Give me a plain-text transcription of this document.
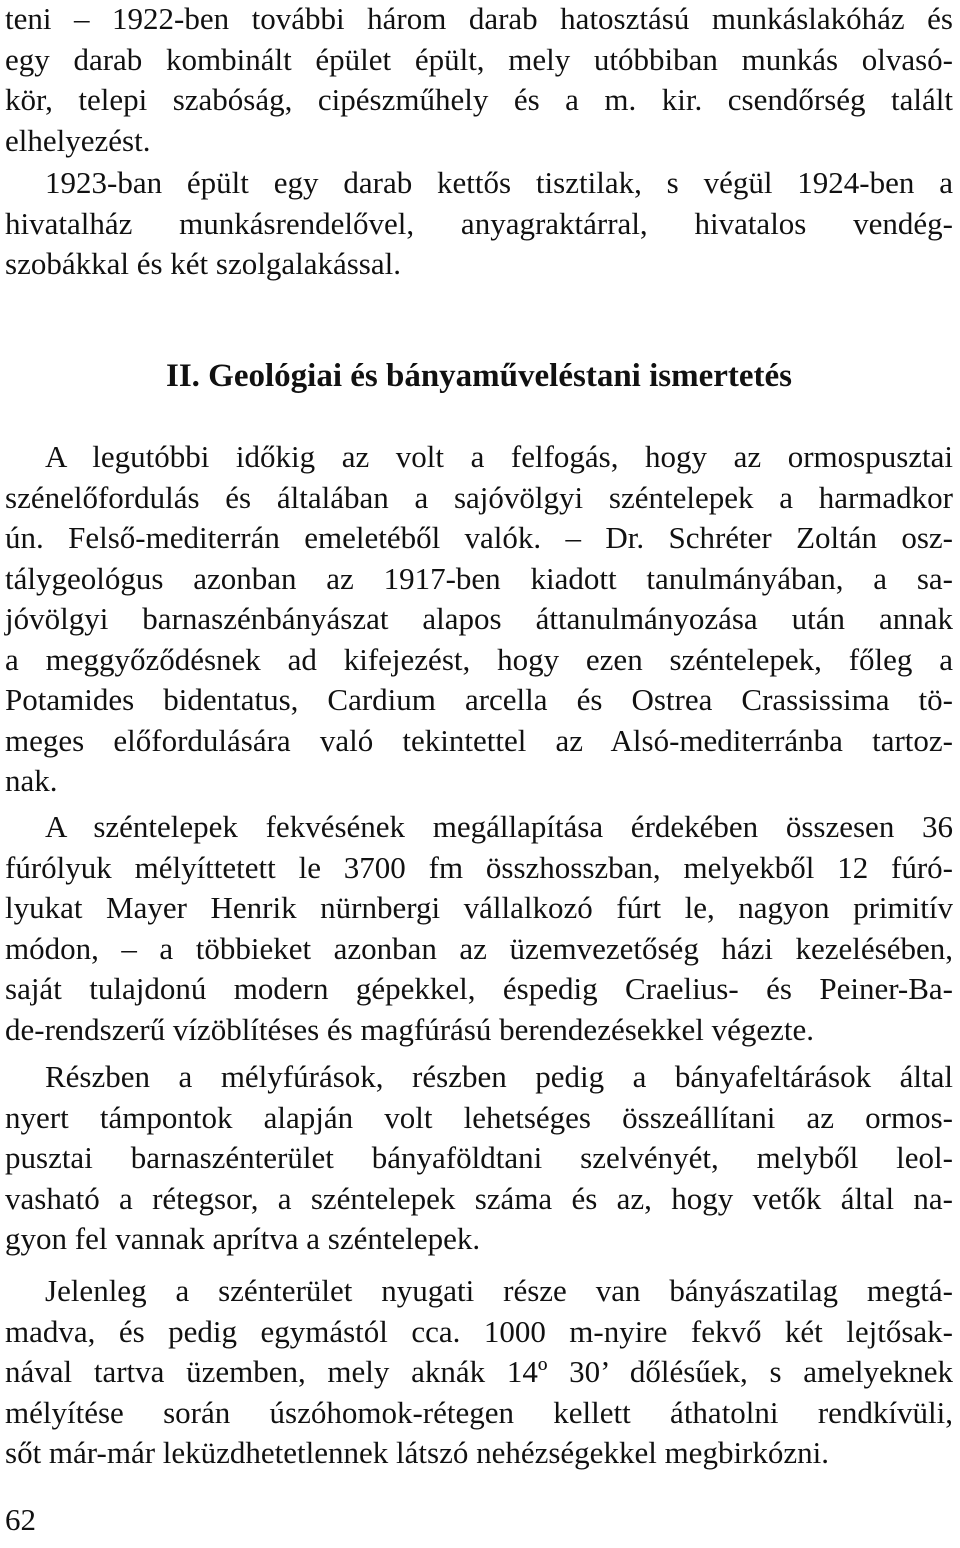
teni – 1922-ben további három darab hatosztású munkáslakóház és
egy darab kombinált épület épült, mely utóbbiban munkás olvasó-
kör, telepi szabóság, cipészműhely és a m. kir. csendőrség talált
elhelyezést.
1923-ban épült egy darab kettős tisztilak, s végül 1924-ben a
hivatalház munkásrendelővel, anyagraktárral, hivatalos vendég-
szobákkal és két szolgalakással.
II. Geológiai és bányaműveléstani ismertetés
A legutóbbi időkig az volt a felfogás, hogy az ormospusztai
szénelőfordulás és általában a sajóvölgyi széntelepek a harmadkor
ún. Felső-mediterrán emeletéből valók. – Dr. Schréter Zoltán osz-
tálygeológus azonban az 1917-ben kiadott tanulmányában, a sa-
jóvölgyi barnaszénbányászat alapos áttanulmányozása után annak
a meggyőződésnek ad kifejezést, hogy ezen széntelepek, főleg a
Potamides bidentatus, Cardium arcella és Ostrea Crassissima tö-
meges előfordulására való tekintettel az Alsó-mediterránba tartoz-
nak.
A széntelepek fekvésének megállapítása érdekében összesen 36
fúrólyuk mélyíttetett le 3700 fm összhosszban, melyekből 12 fúró-
lyukat Mayer Henrik nürnbergi vállalkozó fúrt le, nagyon primitív
módon, – a többieket azonban az üzemvezetőség házi kezelésében,
saját tulajdonú modern gépekkel, éspedig Craelius- és Peiner-Ba-
de-rendszerű vízöblítéses és magfúrású berendezésekkel végezte.
Részben a mélyfúrások, részben pedig a bányafeltárások által
nyert támpontok alapján volt lehetséges összeállítani az ormos-
pusztai barnaszénterület bányaföldtani szelvényét, melyből leol-
vasható a rétegsor, a széntelepek száma és az, hogy vetők által na-
gyon fel vannak aprítva a széntelepek.
Jelenleg a szénterület nyugati része van bányászatilag megtá-
madva, és pedig egymástól cca. 1000 m-nyire fekvő két lejtősak-
nával tartva üzemben, mely aknák 14º 30’ dőlésűek, s amelyeknek
mélyítése során úszóhomok-rétegen kellett áthatolni rendkívüli,
sőt már-már leküzdhetetlennek látszó nehézségekkel megbirkózni.
62
